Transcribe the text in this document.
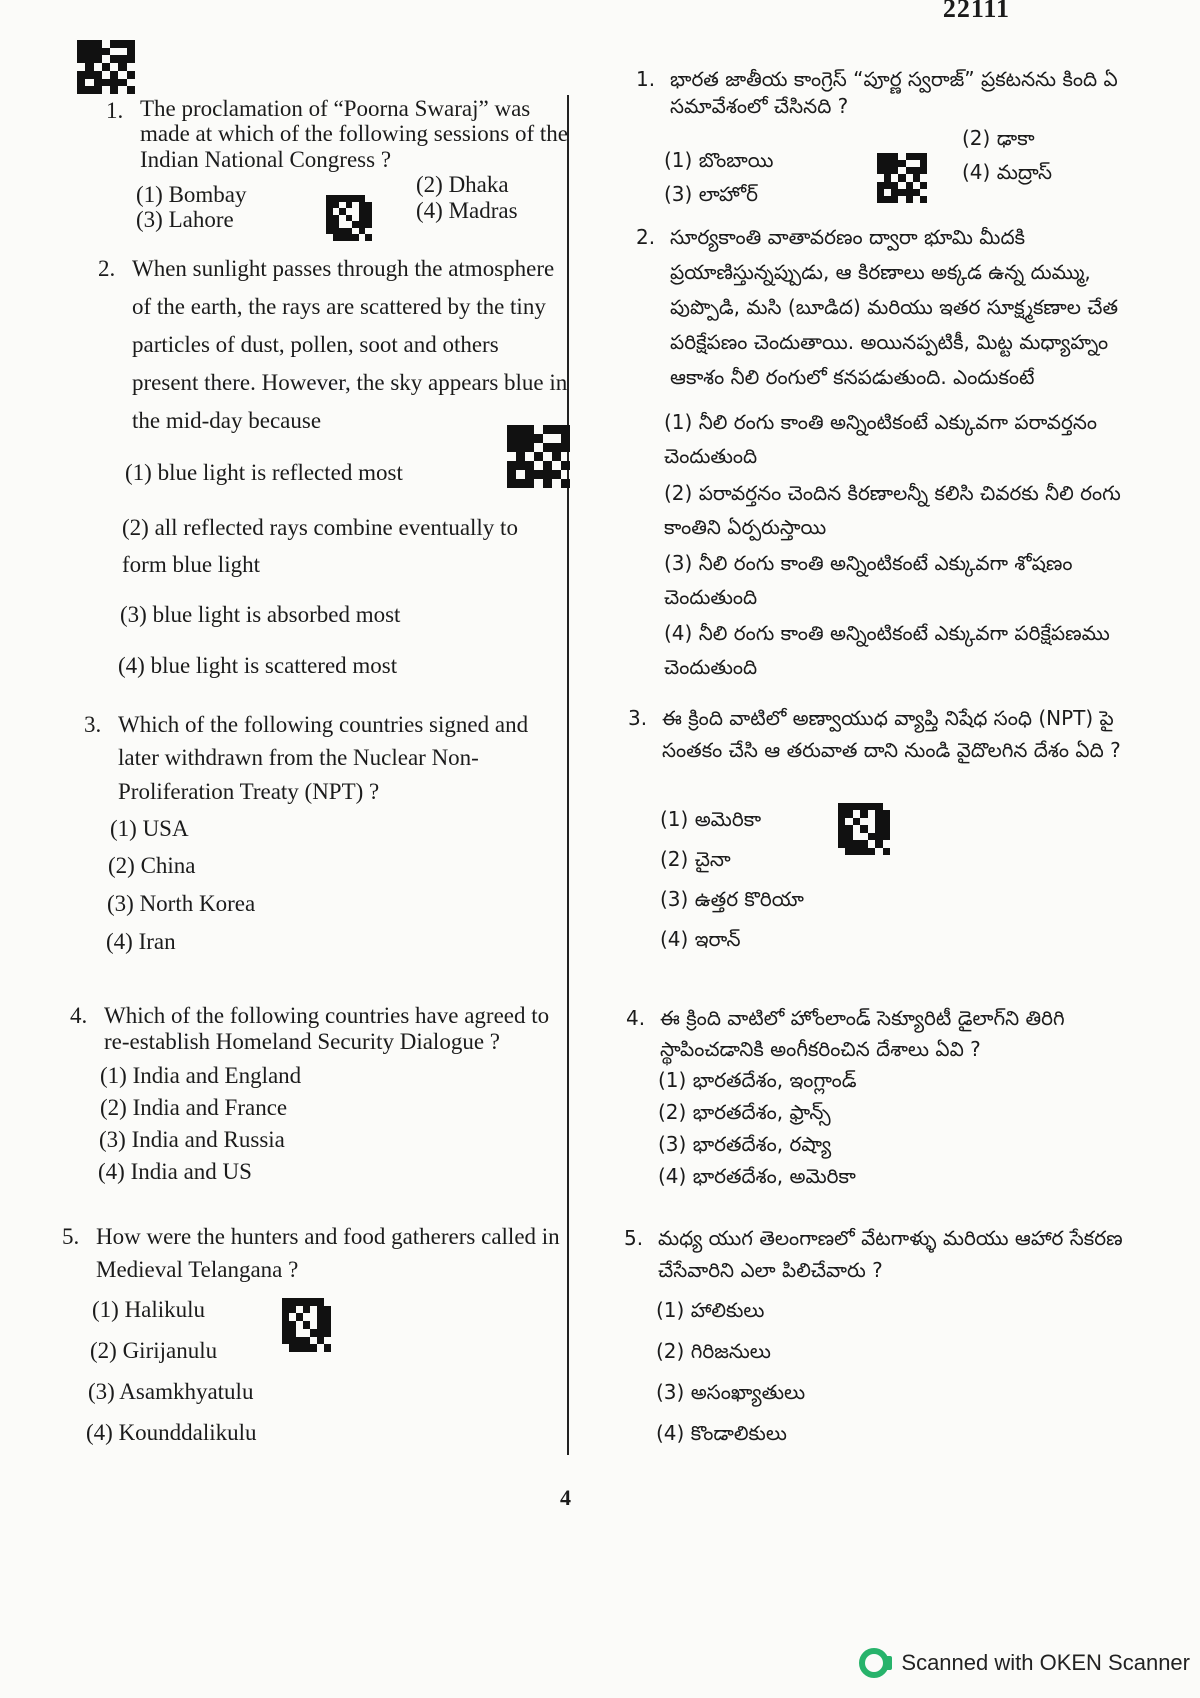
22111
1. The proclamation of “Poorna Swaraj” was made at which of the following sessions of the Indian National Congress ?
(1) Bombay	(2) Dhaka
(3) Lahore	(4) Madras
2. When sunlight passes through the atmosphere of the earth, the rays are scattered by the tiny particles of dust, pollen, soot and others present there. However, the sky appears blue in the mid-day because
(1) blue light is reflected most
(2) all reflected rays combine eventually to form blue light
(3) blue light is absorbed most
(4) blue light is scattered most
3. Which of the following countries signed and later withdrawn from the Nuclear Non-Proliferation Treaty (NPT) ?
(1) USA
(2) China
(3) North Korea
(4) Iran
4. Which of the following countries have agreed to re-establish Homeland Security Dialogue ?
(1) India and England
(2) India and France
(3) India and Russia
(4) India and US
5. How were the hunters and food gatherers called in Medieval Telangana ?
(1) Halikulu
(2) Girijanulu
(3) Asamkhyatulu
(4) Kounddalikulu
1. భారత జాతీయ కాంగ్రెస్ “పూర్ణ స్వరాజ్” ప్రకటనను కింది ఏ సమావేశంలో చేసినది ?
(1) బొంబాయి
(2) ఢాకా
(3) లాహోర్
(4) మద్రాస్
2. సూర్యకాంతి వాతావరణం ద్వారా భూమి మీదకి ప్రయాణిస్తున్నప్పుడు, ఆ కిరణాలు అక్కడ ఉన్న దుమ్ము, పుప్పొడి, మసి (బూడిద) మరియు ఇతర సూక్ష్మకణాల చేత పరిక్షేపణం చెందుతాయి. అయినప్పటికీ, మిట్ట మధ్యాహ్నం ఆకాశం నీలి రంగులో కనపడుతుంది. ఎందుకంటే
(1) నీలి రంగు కాంతి అన్నింటికంటే ఎక్కువగా పరావర్తనం చెందుతుంది
(2) పరావర్తనం చెందిన కిరణాలన్నీ కలిసి చివరకు నీలి రంగు కాంతిని ఏర్పరుస్తాయి
(3) నీలి రంగు కాంతి అన్నింటికంటే ఎక్కువగా శోషణం చెందుతుంది
(4) నీలి రంగు కాంతి అన్నింటికంటే ఎక్కువగా పరిక్షేపణము చెందుతుంది
3. ఈ క్రింది వాటిలో అణ్వాయుధ వ్యాప్తి నిషేధ సంధి (NPT) పై సంతకం చేసి ఆ తరువాత దాని నుండి వైదొలగిన దేశం ఏది ?
(1) అమెరికా
(2) చైనా
(3) ఉత్తర కొరియా
(4) ఇరాన్
4. ఈ క్రింది వాటిలో హోంలాండ్ సెక్యూరిటీ డైలాగ్‌ని తిరిగి స్థాపించడానికి అంగీకరించిన దేశాలు ఏవి ?
(1) భారతదేశం, ఇంగ్లాండ్
(2) భారతదేశం, ఫ్రాన్స్
(3) భారతదేశం, రష్యా
(4) భారతదేశం, అమెరికా
5. మధ్య యుగ తెలంగాణలో వేటగాళ్ళు మరియు ఆహార సేకరణ చేసేవారిని ఎలా పిలిచేవారు ?
(1) హాలికులు
(2) గిరిజనులు
(3) అసంఖ్యాతులు
(4) కొండాలికులు
4
Scanned with OKEN Scanner
